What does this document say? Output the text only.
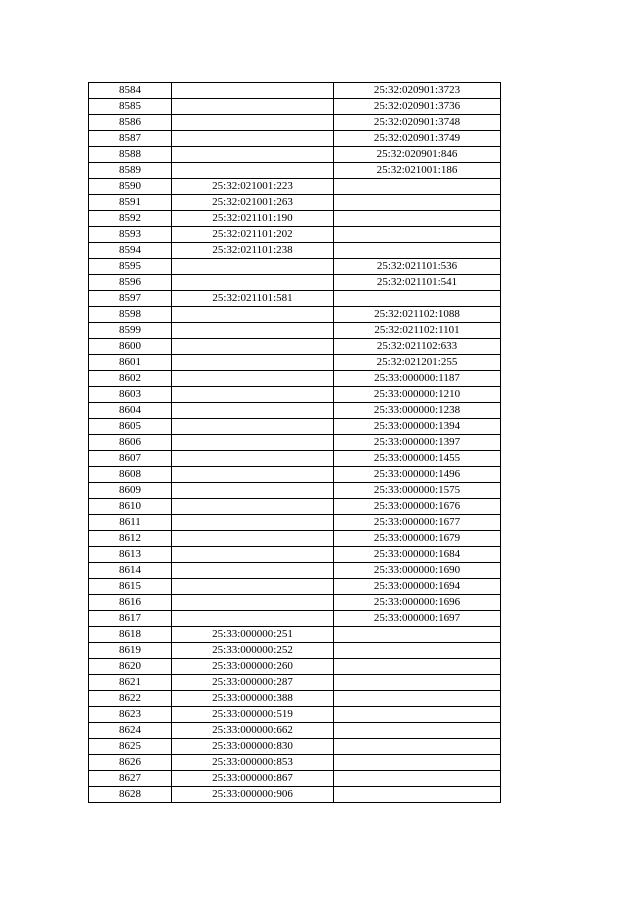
8584		25:32:020901:3723
8585		25:32:020901:3736
8586		25:32:020901:3748
8587		25:32:020901:3749
8588		25:32:020901:846
8589		25:32:021001:186
8590	25:32:021001:223	
8591	25:32:021001:263	
8592	25:32:021101:190	
8593	25:32:021101:202	
8594	25:32:021101:238	
8595		25:32:021101:536
8596		25:32:021101:541
8597	25:32:021101:581	
8598		25:32:021102:1088
8599		25:32:021102:1101
8600		25:32:021102:633
8601		25:32:021201:255
8602		25:33:000000:1187
8603		25:33:000000:1210
8604		25:33:000000:1238
8605		25:33:000000:1394
8606		25:33:000000:1397
8607		25:33:000000:1455
8608		25:33:000000:1496
8609		25:33:000000:1575
8610		25:33:000000:1676
8611		25:33:000000:1677
8612		25:33:000000:1679
8613		25:33:000000:1684
8614		25:33:000000:1690
8615		25:33:000000:1694
8616		25:33:000000:1696
8617		25:33:000000:1697
8618	25:33:000000:251	
8619	25:33:000000:252	
8620	25:33:000000:260	
8621	25:33:000000:287	
8622	25:33:000000:388	
8623	25:33:000000:519	
8624	25:33:000000:662	
8625	25:33:000000:830	
8626	25:33:000000:853	
8627	25:33:000000:867	
8628	25:33:000000:906	
